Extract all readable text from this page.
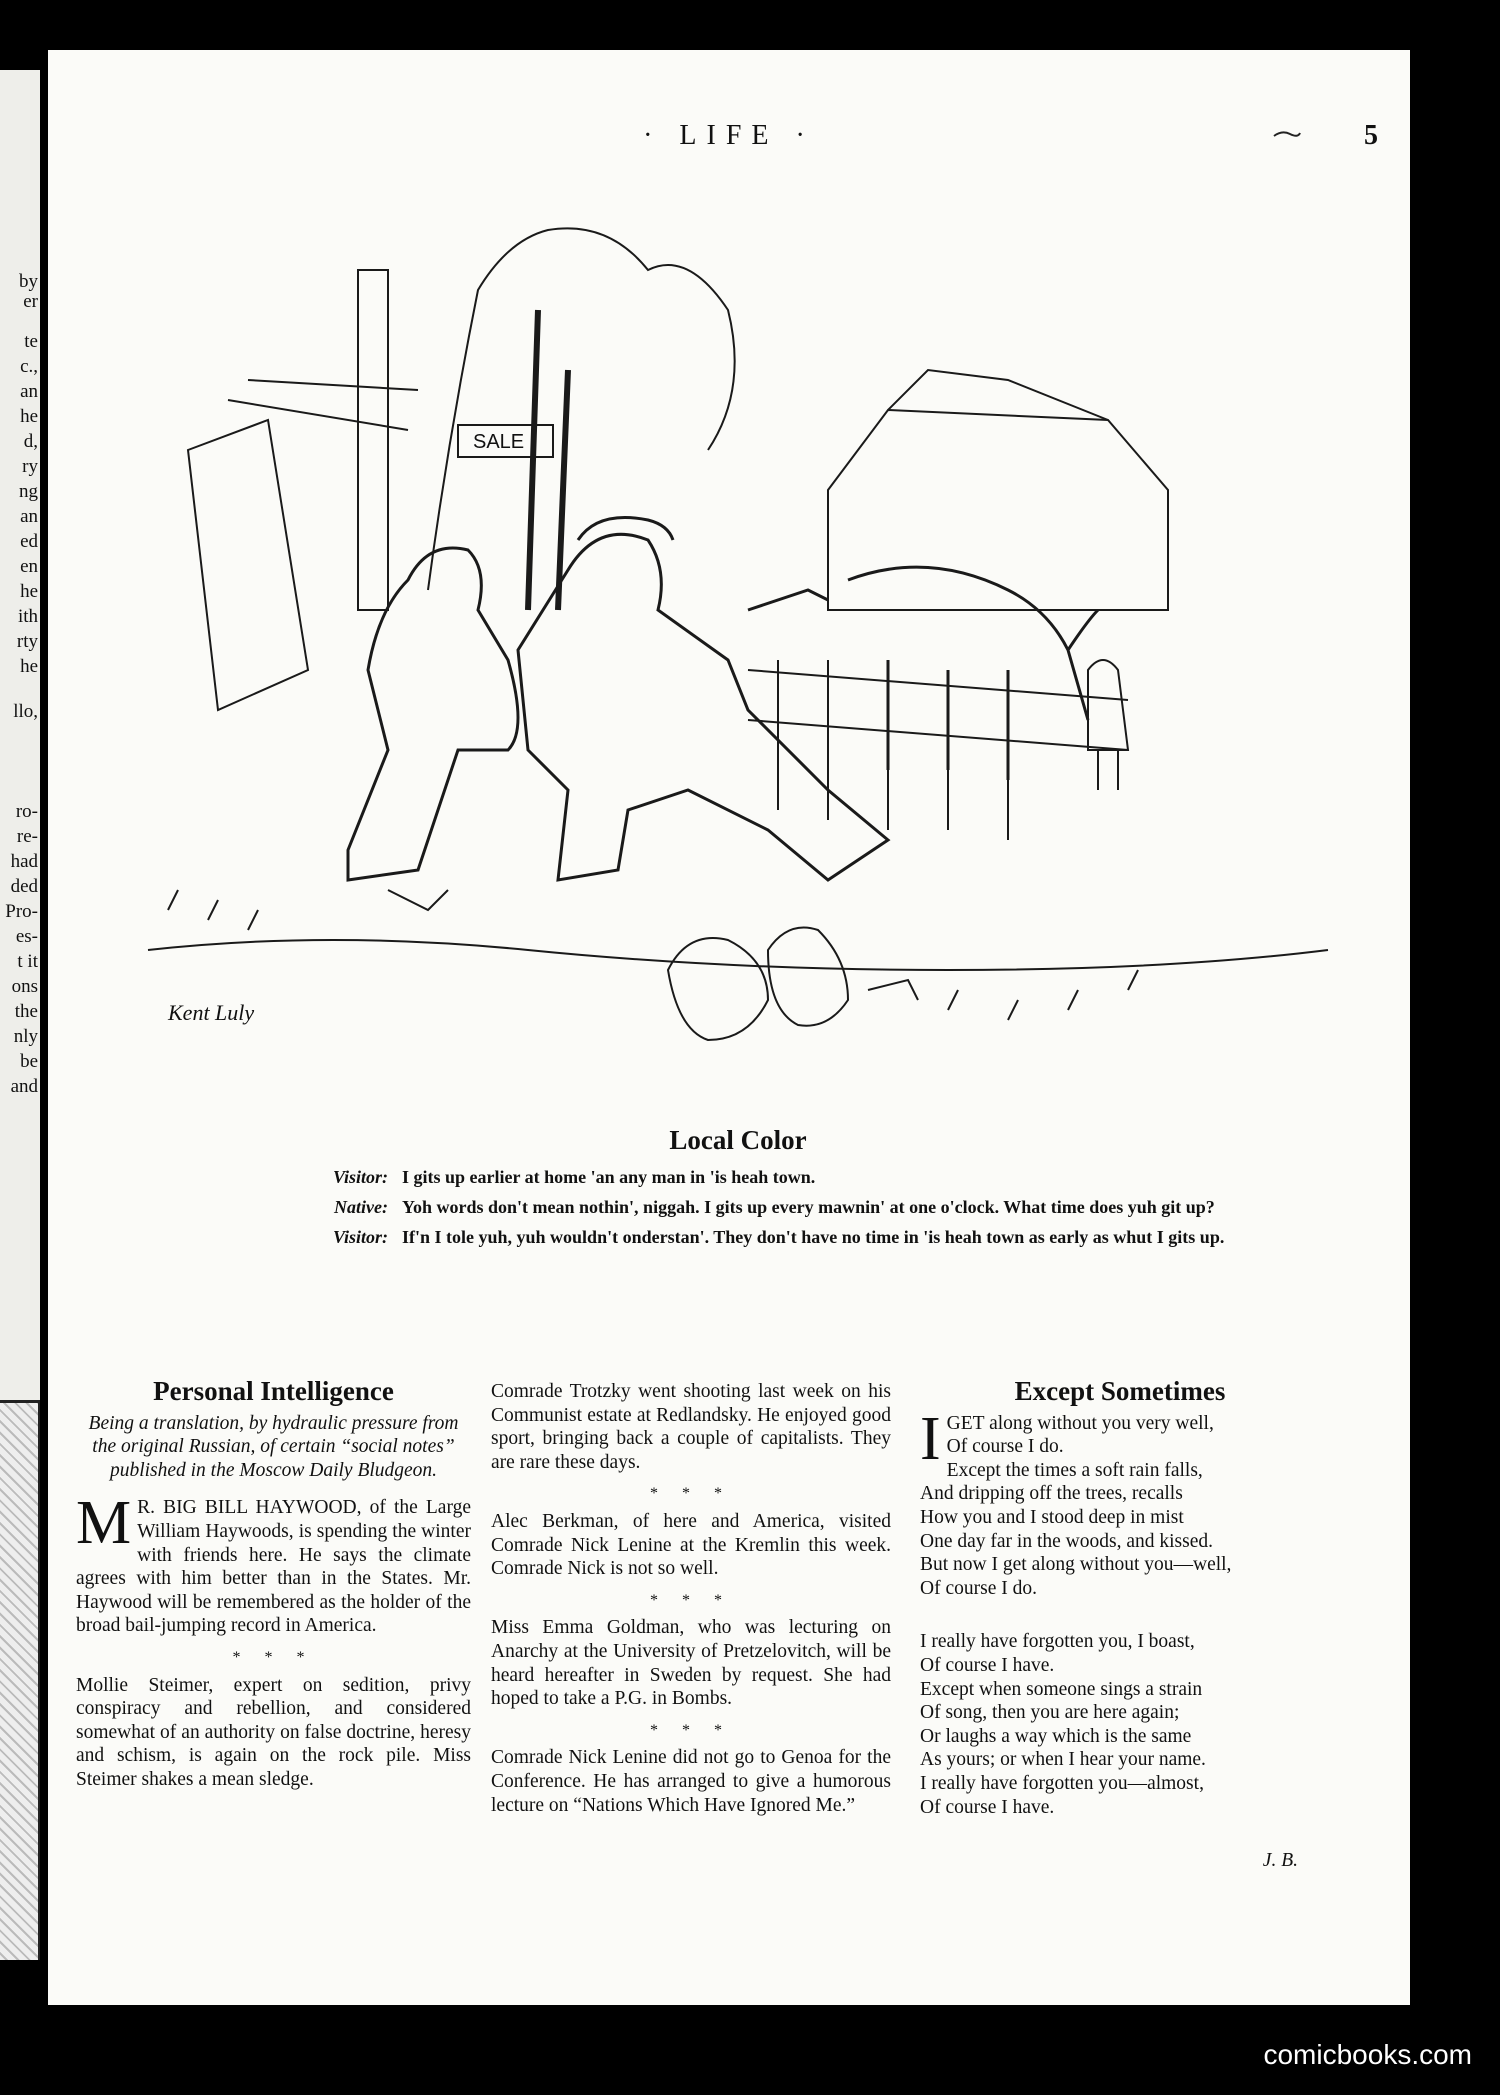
by
er
te
c.,
an
he
d,
ry
ng
an
ed
en
he
ith
rty
he
llo,
ro-
re-
had
ded
Pro-
es-
t it
ons
the
nly
be
and
· LIFE ·	5
SALE
Kent Luly
Local Color
Visitor: I gits up earlier at home 'an any man in 'is heah town.
Native: Yoh words don't mean nothin', niggah. I gits up every mawnin' at one o'clock. What time does yuh git up?
Visitor: If'n I tole yuh, yuh wouldn't onderstan'. They don't have no time in 'is heah town as early as whut I gits up.
Personal Intelligence
Being a translation, by hydraulic pressure from the original Russian, of certain “social notes” published in the Moscow Daily Bludgeon.

M R. BIG BILL HAYWOOD, of the Large William Haywoods, is spending the winter with friends here. He says the climate agrees with him better than in the States. Mr. Haywood will be remembered as the holder of the broad bail-jumping record in America.

* * *

Mollie Steimer, expert on sedition, privy conspiracy and rebellion, and considered somewhat of an authority on false doctrine, heresy and schism, is again on the rock pile. Miss Steimer shakes a mean sledge.

Comrade Trotzky went shooting last week on his Communist estate at Redlandsky. He enjoyed good sport, bringing back a couple of capitalists. They are rare these days.

* * *

Alec Berkman, of here and America, visited Comrade Nick Lenine at the Kremlin this week. Comrade Nick is not so well.

* * *

Miss Emma Goldman, who was lecturing on Anarchy at the University of Pretzelovitch, will be heard hereafter in Sweden by request. She had hoped to take a P.G. in Bombs.

* * *

Comrade Nick Lenine did not go to Genoa for the Conference. He has arranged to give a humorous lecture on “Nations Which Have Ignored Me.”

Except Sometimes
IGET along without you very well,
Of course I do.
Except the times a soft rain falls,
And dripping off the trees, recalls
How you and I stood deep in mist
One day far in the woods, and kissed.
But now I get along without you—well,
Of course I do.
I really have forgotten you, I boast,
Of course I have.
Except when someone sings a strain
Of song, then you are here again;
Or laughs a way which is the same
As yours; or when I hear your name.
I really have forgotten you—almost,
Of course I have.
J. B.
comicbooks.com
